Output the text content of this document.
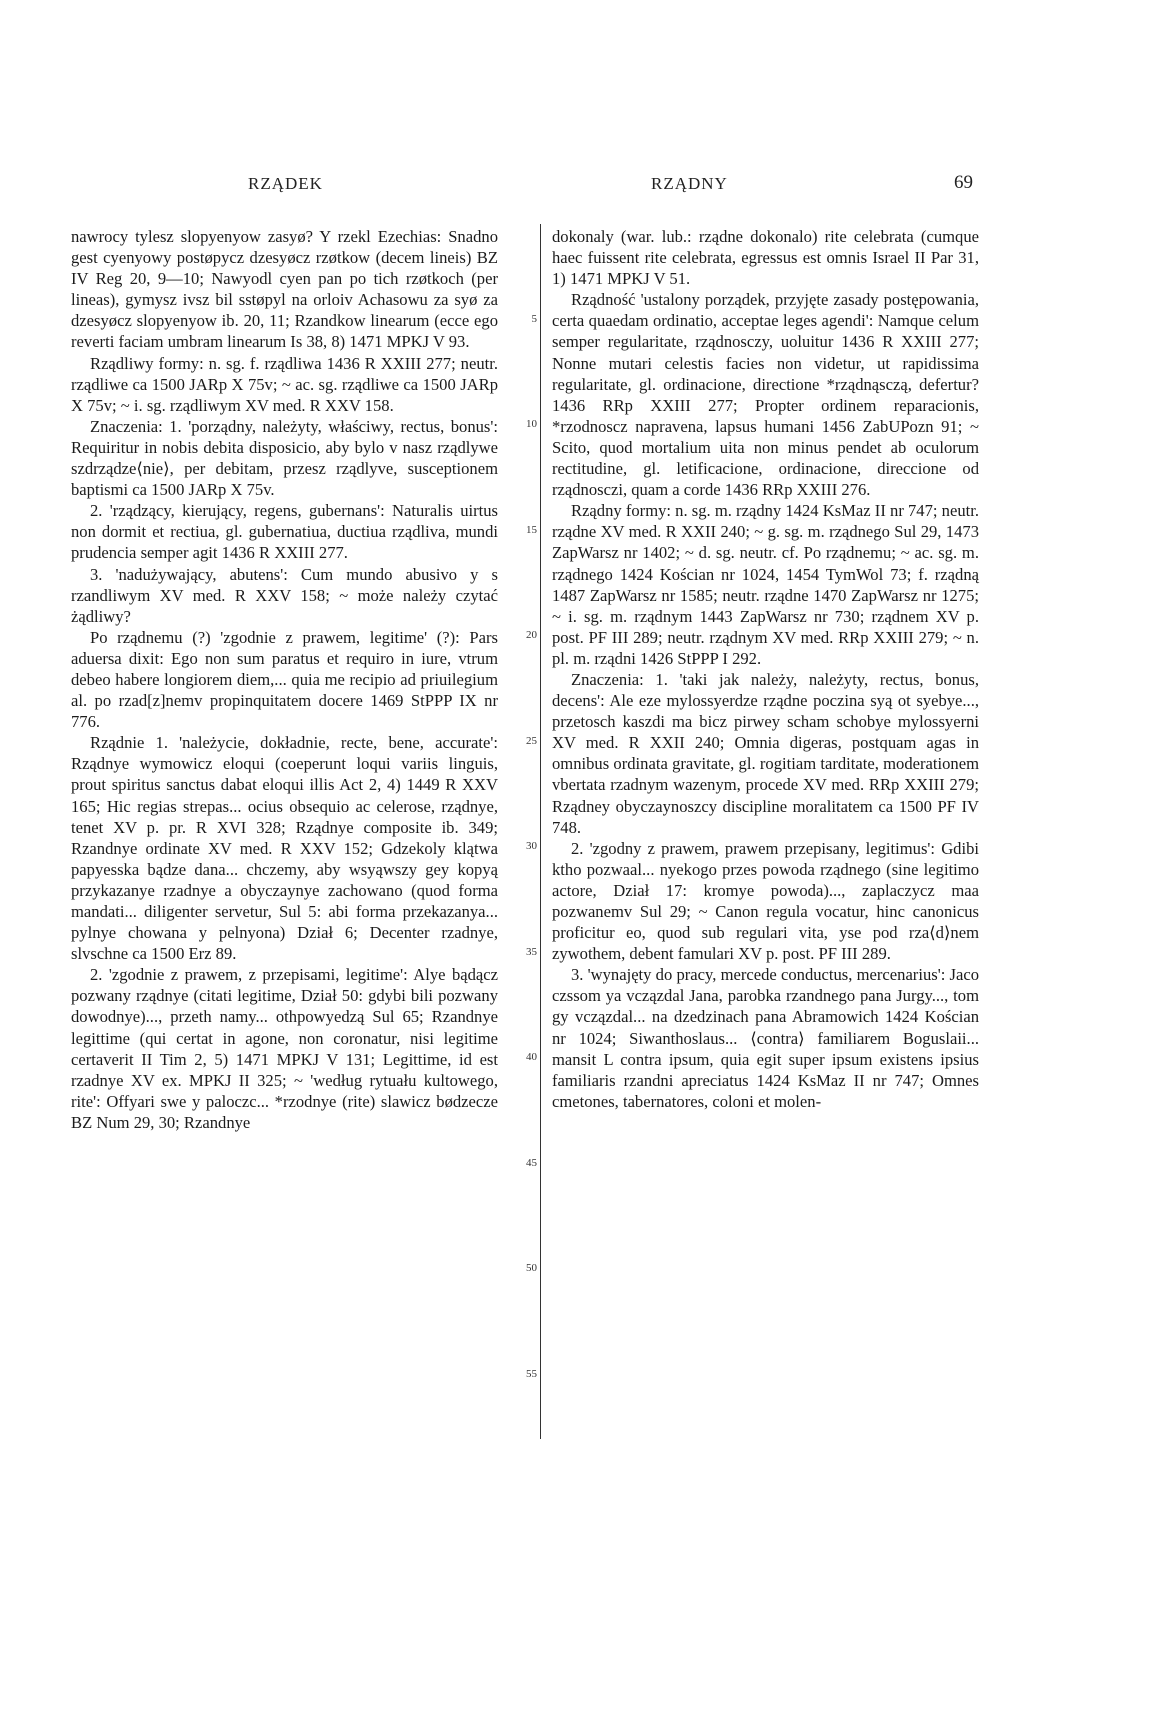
RZĄDEK	RZĄDNY	69

nawrocy tylesz slopyenyow zasyø? Y rzekl Ezechias: Snadno gest cyenyowy postøpycz dzesyøcz rzøtkow (decem lineis) BZ IV Reg 20, 9—10; Nawyodl cyen pan po tich rzøtkoch (per lineas), gymysz ivsz bil sstøpyl na orloiv Achasowu za syø za dzesyøcz slopyenyow ib. 20, 11; Rzandkow linearum (ecce ego reverti faciam umbram linearum Is 38, 8) 1471 MPKJ V 93.

Rządliwy formy: n. sg. f. rządliwa 1436 R XXIII 277; neutr. rządliwe ca 1500 JARp X 75v; ~ ac. sg. rządliwe ca 1500 JARp X 75v; ~ i. sg. rządliwym XV med. R XXV 158.

Znaczenia: 1. 'porządny, należyty, właściwy, rectus, bonus': Requiritur in nobis debita disposicio, aby bylo v nasz rządlywe szdrządze⟨nie⟩, per debitam, przesz rządlyve, susceptionem baptismi ca 1500 JARp X 75v.

2. 'rządzący, kierujący, regens, gubernans': Naturalis uirtus non dormit et rectiua, gl. gubernatiua, ductiua rządliva, mundi prudencia semper agit 1436 R XXIII 277.

3. 'nadużywający, abutens': Cum mundo abusivo y s rzandliwym XV med. R XXV 158; ~ może należy czytać żądliwy?

Po rządnemu (?) 'zgodnie z prawem, legitime' (?): Pars aduersa dixit: Ego non sum paratus et requiro in iure, vtrum debeo habere longiorem diem,... quia me recipio ad priuilegium al. po rzad[z]nemv propinquitatem docere 1469 StPPP IX nr 776.

Rządnie 1. 'należycie, dokładnie, recte, bene, accurate': Rządnye wymowicz eloqui (coeperunt loqui variis linguis, prout spiritus sanctus dabat eloqui illis Act 2, 4) 1449 R XXV 165; Hic regias strepas... ocius obsequio ac celerose, rządnye, tenet XV p. pr. R XVI 328; Rządnye composite ib. 349; Rzandnye ordinate XV med. R XXV 152; Gdzekoly klątwa papyesska bądze dana... chczemy, aby wsyąwszy gey kopyą przykazanye rzadnye a obyczaynye zachowano (quod forma mandati... diligenter servetur, Sul 5: abi forma przekazanya... pylnye chowana y pelnyona) Dział 6; Decenter rzadnye, slvschne ca 1500 Erz 89.

2. 'zgodnie z prawem, z przepisami, legitime': Alye bądącz pozwany rządnye (citati legitime, Dział 50: gdybi bili pozwany dowodnye)..., przeth namy... othpowyedzą Sul 65; Rzandnye legittime (qui certat in agone, non coronatur, nisi legitime certaverit II Tim 2, 5) 1471 MPKJ V 131; Legittime, id est rzadnye XV ex. MPKJ II 325; ~ 'według rytuału kultowego, rite': Offyari swe y paloczc... *rzodnye (rite) slawicz bødzecze BZ Num 29, 30; Rzandnye

5
10
15
20
25
30
35
40
45
50
55

dokonaly (war. lub.: rządne dokonalo) rite celebrata (cumque haec fuissent rite celebrata, egressus est omnis Israel II Par 31, 1) 1471 MPKJ V 51.

Rządność 'ustalony porządek, przyjęte zasady postępowania, certa quaedam ordinatio, acceptae leges agendi': Namque celum semper regularitate, rządnosczy, uoluitur 1436 R XXIII 277; Nonne mutari celestis facies non videtur, ut rapidissima regularitate, gl. ordinacione, directione *rządnąsczą, defertur? 1436 RRp XXIII 277; Propter ordinem reparacionis, *rzodnoscz napravena, lapsus humani 1456 ZabUPozn 91; ~ Scito, quod mortalium uita non minus pendet ab oculorum rectitudine, gl. letificacione, ordinacione, direccione od rządnosczi, quam a corde 1436 RRp XXIII 276.

Rządny formy: n. sg. m. rządny 1424 KsMaz II nr 747; neutr. rządne XV med. R XXII 240; ~ g. sg. m. rządnego Sul 29, 1473 ZapWarsz nr 1402; ~ d. sg. neutr. cf. Po rządnemu; ~ ac. sg. m. rządnego 1424 Kościan nr 1024, 1454 TymWol 73; f. rządną 1487 ZapWarsz nr 1585; neutr. rządne 1470 ZapWarsz nr 1275; ~ i. sg. m. rządnym 1443 ZapWarsz nr 730; rządnem XV p. post. PF III 289; neutr. rządnym XV med. RRp XXIII 279; ~ n. pl. m. rządni 1426 StPPP I 292.

Znaczenia: 1. 'taki jak należy, należyty, rectus, bonus, decens': Ale eze mylossyerdze rządne poczina syą ot syebye..., przetosch kaszdi ma bicz pirwey scham schobye mylossyerni XV med. R XXII 240; Omnia digeras, postquam agas in omnibus ordinata gravitate, gl. rogitiam tarditate, moderationem vbertata rzadnym wazenym, procede XV med. RRp XXIII 279; Rządney obyczaynoszcy discipline moralitatem ca 1500 PF IV 748.

2. 'zgodny z prawem, prawem przepisany, legitimus': Gdibi ktho pozwaal... nyekogo przes powoda rządnego (sine legitimo actore, Dział 17: kromye powoda)..., zaplaczycz maa pozwanemv Sul 29; ~ Canon regula vocatur, hinc canonicus proficitur eo, quod sub regulari vita, yse pod rza⟨d⟩nem zywothem, debent famulari XV p. post. PF III 289.

3. 'wynajęty do pracy, mercede conductus, mercenarius': Jaco czssom ya vczązdal Jana, parobka rzandnego pana Jurgy..., tom gy vczązdal... na dzedzinach pana Abramowich 1424 Kościan nr 1024; Siwanthoslaus... ⟨contra⟩ familiarem Boguslaii... mansit L contra ipsum, quia egit super ipsum existens ipsius familiaris rzandni apreciatus 1424 KsMaz II nr 747; Omnes cmetones, tabernatores, coloni et molen-
